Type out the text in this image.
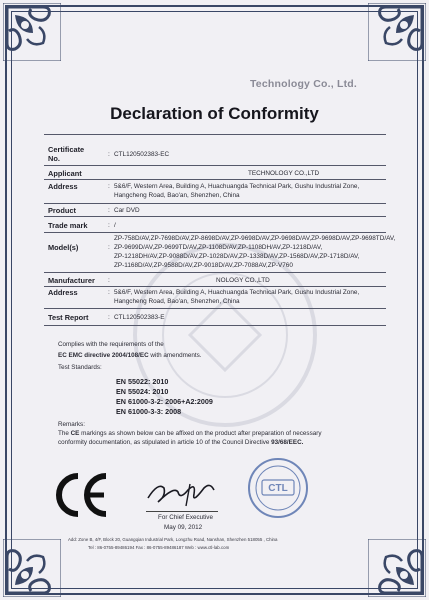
Technology Co., Ltd.
Declaration of Conformity
Certificate
No.	: CTL120502383-EC
Applicant	TECHNOLOGY CO.,LTD
Address	: 5&6/F, Western Area, Building A, Huachuangda Technical Park, Gushu Industrial Zone,
Hangcheng Road, Bao'an, Shenzhen, China
Product	: Car DVD
Trade mark	: /
Model(s)	:
ZP-758D/AV,ZP-7698D/AV,ZP-8698D/AV,ZP-9698D/AV,ZP-9698D/AV,ZP-9698D/AV,ZP-9698TD/AV,
ZP-9699D/AV,ZP-9699TD/AV,ZP-1108D/AV,ZP-1108DH/AV,ZP-1218D/AV,
ZP-1218DH/AV,ZP-9088D/AV,ZP-1028D/AV,ZP-1338D/AV,ZP-1568D/AV,ZP-1718D/AV,
ZP-1168D/AV,ZP-9588D/AV,ZP-9018D/AV,ZP-7088AV,ZP-V760
Manufacturer	:	NOLOGY CO.,LTD
Address	: 5&6/F, Western Area, Building A, Huachuangda Technical Park, Gushu Industrial Zone,
Hangcheng Road, Bao'an, Shenzhen, China
Test Report	: CTL120502383-E
Complies with the requirements of the
EC EMC directive 2004/108/EC with amendments.
Test Standards:
EN 55022: 2010
EN 55024: 2010
EN 61000-3-2: 2006+A2:2009
EN 61000-3-3: 2008
Remarks:
The CE markings as shown below can be affixed on the product after preparation of necessary
conformity documentation, as stipulated in article 10 of the Council Directive 93/68/EEC.
For Chief Executive
May 09, 2012
CTL
Add: Zone B, 4/F, Block 20, Guangqian Industrial Park, Longzhu Road, Nanshan, Shenzhen 518055 , China
Tel : 86-0755-89486194 Fax : 86-0755-89486187 Web : www.ctl-lab.com
